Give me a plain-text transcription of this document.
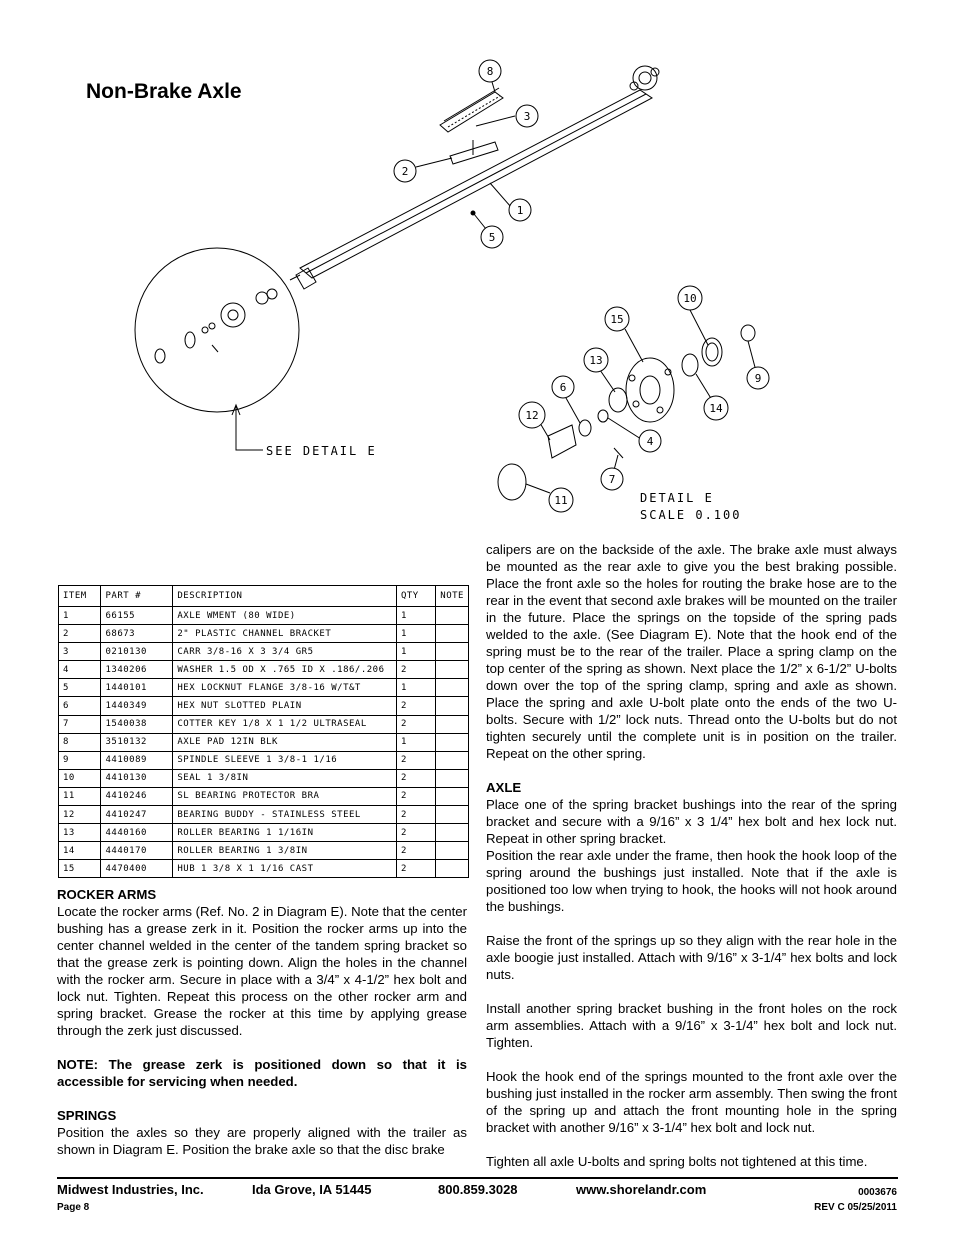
Non-Brake Axle
8
3
2
1
5
10
15
13
9
6
14
12
4
7
11
SEE DETAIL E
DETAIL E
SCALE 0.100
ITEM	PART #	DESCRIPTION	QTY	NOTE
1	66155	AXLE WMENT (80 WIDE)	1	
2	68673	2" PLASTIC CHANNEL BRACKET	1	
3	0210130	CARR 3/8-16 X 3 3/4 GR5	1	
4	1340206	WASHER 1.5 OD X .765 ID X .186/.206	2	
5	1440101	HEX LOCKNUT FLANGE 3/8-16 W/T&T	1	
6	1440349	HEX NUT SLOTTED PLAIN	2	
7	1540038	COTTER KEY 1/8 X 1 1/2 ULTRASEAL	2	
8	3510132	AXLE PAD 12IN BLK	1	
9	4410089	SPINDLE SLEEVE 1 3/8-1 1/16	2	
10	4410130	SEAL 1 3/8IN	2	
11	4410246	SL BEARING PROTECTOR BRA	2	
12	4410247	BEARING BUDDY - STAINLESS STEEL	2	
13	4440160	ROLLER BEARING 1 1/16IN	2	
14	4440170	ROLLER BEARING 1 3/8IN	2	
15	4470400	HUB 1 3/8 X 1 1/16 CAST	2	

ROCKER ARMS

Locate the rocker arms (Ref. No. 2 in Diagram E). Note that the center bushing has a grease zerk in it. Position the rocker arms up into the center channel welded in the center of the tandem spring bracket so that the grease zerk is pointing down. Align the holes in the channel with the rocker arm. Secure in place with a 3/4” x 4-1/2” hex bolt and lock nut. Tighten. Repeat this process on the other rocker arm and spring bracket. Grease the rocker at this time by applying grease through the zerk just discussed.

NOTE: The grease zerk is positioned down so that it is accessible for servicing when needed.

SPRINGS

Position the axles so they are properly aligned with the trailer as shown in Diagram E. Position the brake axle so that the disc brake

calipers are on the backside of the axle. The brake axle must always be mounted as the rear axle to give you the best braking possible. Place the front axle so the holes for routing the brake hose are to the rear in the event that second axle brakes will be mounted on the trailer in the future. Place the springs on the topside of the spring pads welded to the axle. (See Diagram E). Note that the hook end of the spring must be to the rear of the trailer. Place a spring clamp on the top center of the spring as shown. Next place the 1/2” x 6-1/2” U-bolts down over the top of the spring clamp, spring and axle as shown. Place the spring and axle U-bolt plate onto the ends of the two U-bolts. Secure with 1/2” lock nuts. Thread onto the U-bolts but do not tighten securely until the complete unit is in position on the trailer. Repeat on the other spring.

AXLE

Place one of the spring bracket bushings into the rear of the spring bracket and secure with a 9/16” x 3 1/4” hex bolt and hex lock nut. Repeat in other spring bracket.

Position the rear axle under the frame, then hook the hook loop of the spring around the bushings just installed. Note that if the axle is positioned too low when trying to hook, the hooks will not hook around the bushings.

Raise the front of the springs up so they align with the rear hole in the axle boogie just installed. Attach with 9/16” x 3-1/4” hex bolts and lock nuts.

Install another spring bracket bushing in the front holes on the rock arm assemblies. Attach with a 9/16” x 3-1/4” hex bolt and lock nut. Tighten.

Hook the hook end of the springs mounted to the front axle over the bushing just installed in the rocker arm assembly. Then swing the front of the spring up and attach the front mounting hole in the spring bracket with another 9/16” x 3-1/4” hex bolt and lock nut.

Tighten all axle U-bolts and spring bolts not tightened at this time.

Midwest Industries, Inc.	Ida Grove, IA 51445	800.859.3028	www.shorelandr.com	0003676
Page 8	REV C 05/25/2011
